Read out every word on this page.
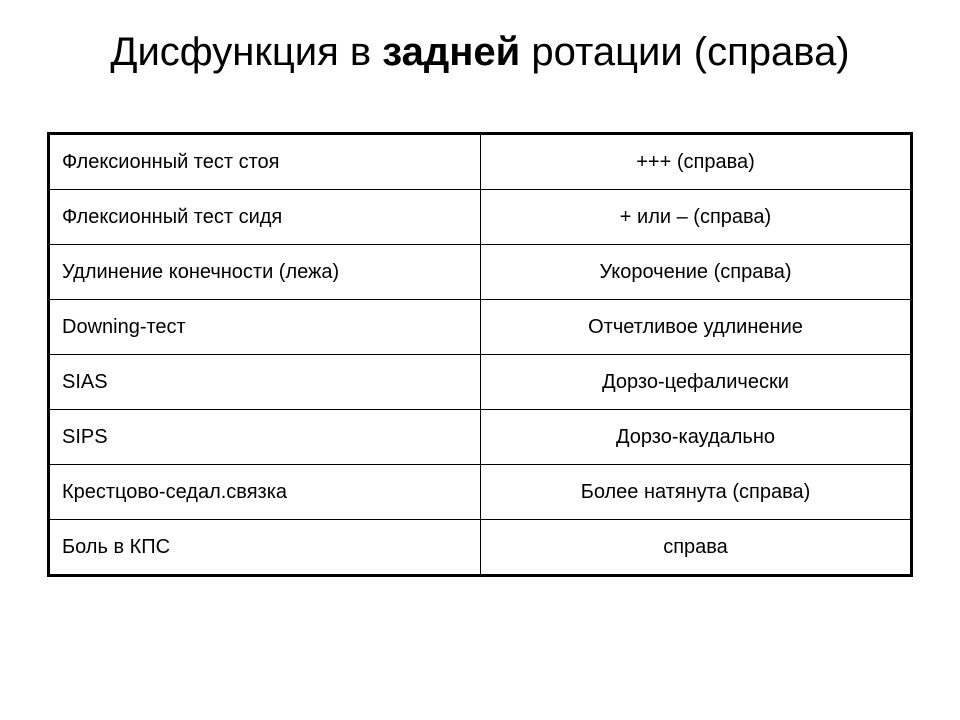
Дисфункция в задней ротации (справа)
Флексионный тест стоя	+++ (справа)
Флексионный тест сидя	+ или – (справа)
Удлинение конечности (лежа)	Укорочение (справа)
Downing-тест	Отчетливое удлинение
SIAS	Дорзо-цефалически
SIPS	Дорзо-каудально
Крестцово-седал.связка	Более натянута (справа)
Боль в КПС	справа
